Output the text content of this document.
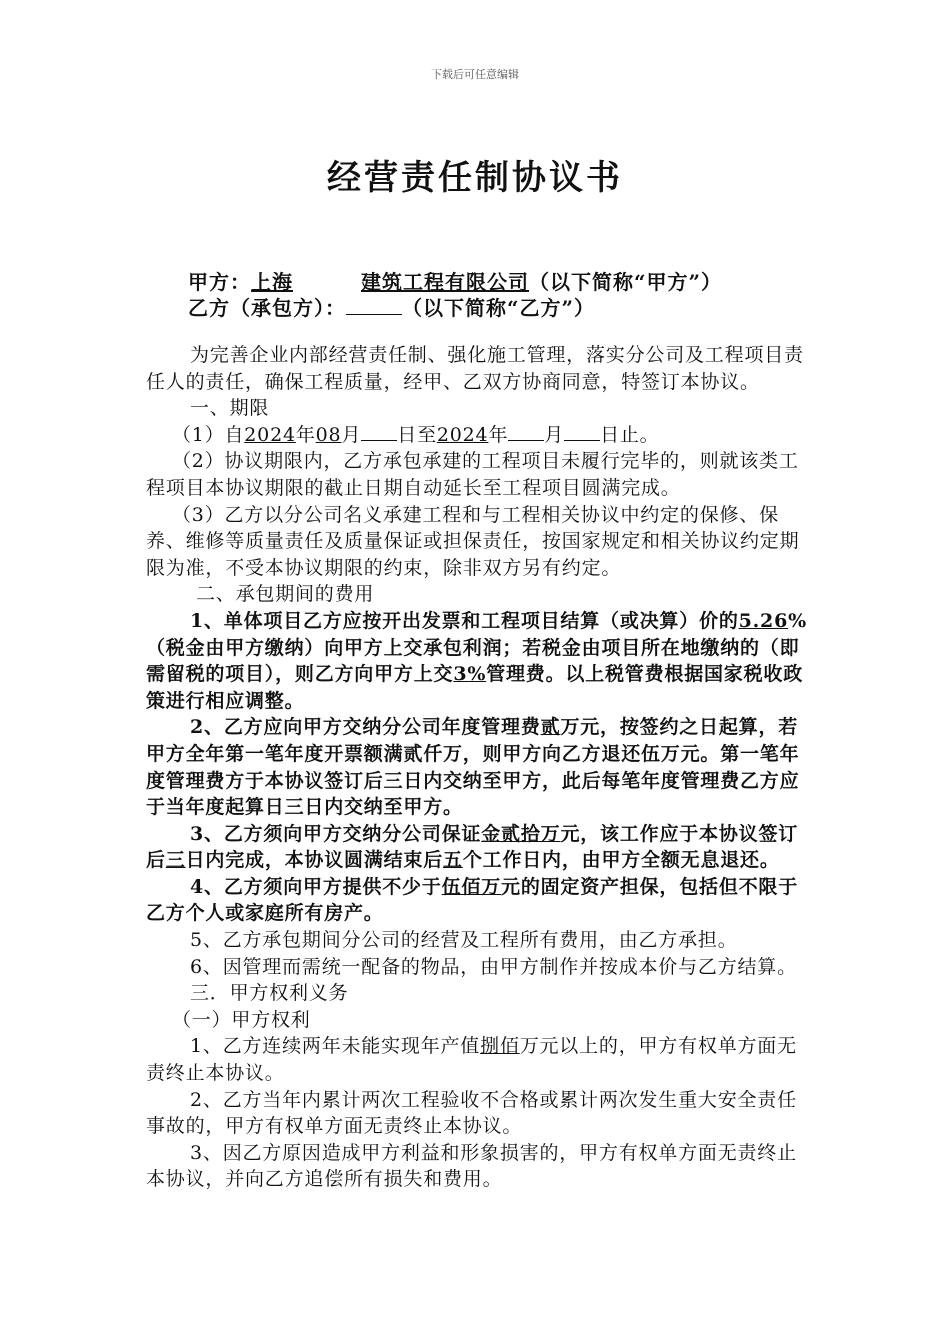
下载后可任意编辑
经营责任制协议书
甲方：上海	建筑工程有限公司（以下简称“甲方”）
乙方（承包方）：	（以下简称“乙方”）

为完善企业内部经营责任制、强化施工管理，落实分公司及工程项目责任人的责任，确保工程质量，经甲、乙双方协商同意，特签订本协议。

一、期限

（1）自2024年08月 日至2024年 月 日止。

（2）协议期限内，乙方承包承建的工程项目未履行完毕的，则就该类工程项目本协议期限的截止日期自动延长至工程项目圆满完成。

（3）乙方以分公司名义承建工程和与工程相关协议中约定的保修、保养、维修等质量责任及质量保证或担保责任，按国家规定和相关协议约定期限为准，不受本协议期限的约束，除非双方另有约定。

二、承包期间的费用

1、单体项目乙方应按开出发票和工程项目结算（或决算）价的5.26%（税金由甲方缴纳）向甲方上交承包利润；若税金由项目所在地缴纳的（即需留税的项目），则乙方向甲方上交3%管理费。以上税管费根据国家税收政策进行相应调整。

2、乙方应向甲方交纳分公司年度管理费贰万元，按签约之日起算，若甲方全年第一笔年度开票额满贰仟万，则甲方向乙方退还伍万元。第一笔年度管理费方于本协议签订后三日内交纳至甲方，此后每笔年度管理费乙方应于当年度起算日三日内交纳至甲方。

3、乙方须向甲方交纳分公司保证金贰拾万元，该工作应于本协议签订后三日内完成，本协议圆满结束后五个工作日内，由甲方全额无息退还。

4、乙方须向甲方提供不少于伍佰万元的固定资产担保，包括但不限于乙方个人或家庭所有房产。

5、乙方承包期间分公司的经营及工程所有费用，由乙方承担。

6、因管理而需统一配备的物品，由甲方制作并按成本价与乙方结算。

三．甲方权利义务

（一）甲方权利

1、乙方连续两年未能实现年产值捌佰万元以上的，甲方有权单方面无责终止本协议。

2、乙方当年内累计两次工程验收不合格或累计两次发生重大安全责任事故的，甲方有权单方面无责终止本协议。

3、因乙方原因造成甲方利益和形象损害的，甲方有权单方面无责终止本协议，并向乙方追偿所有损失和费用。
